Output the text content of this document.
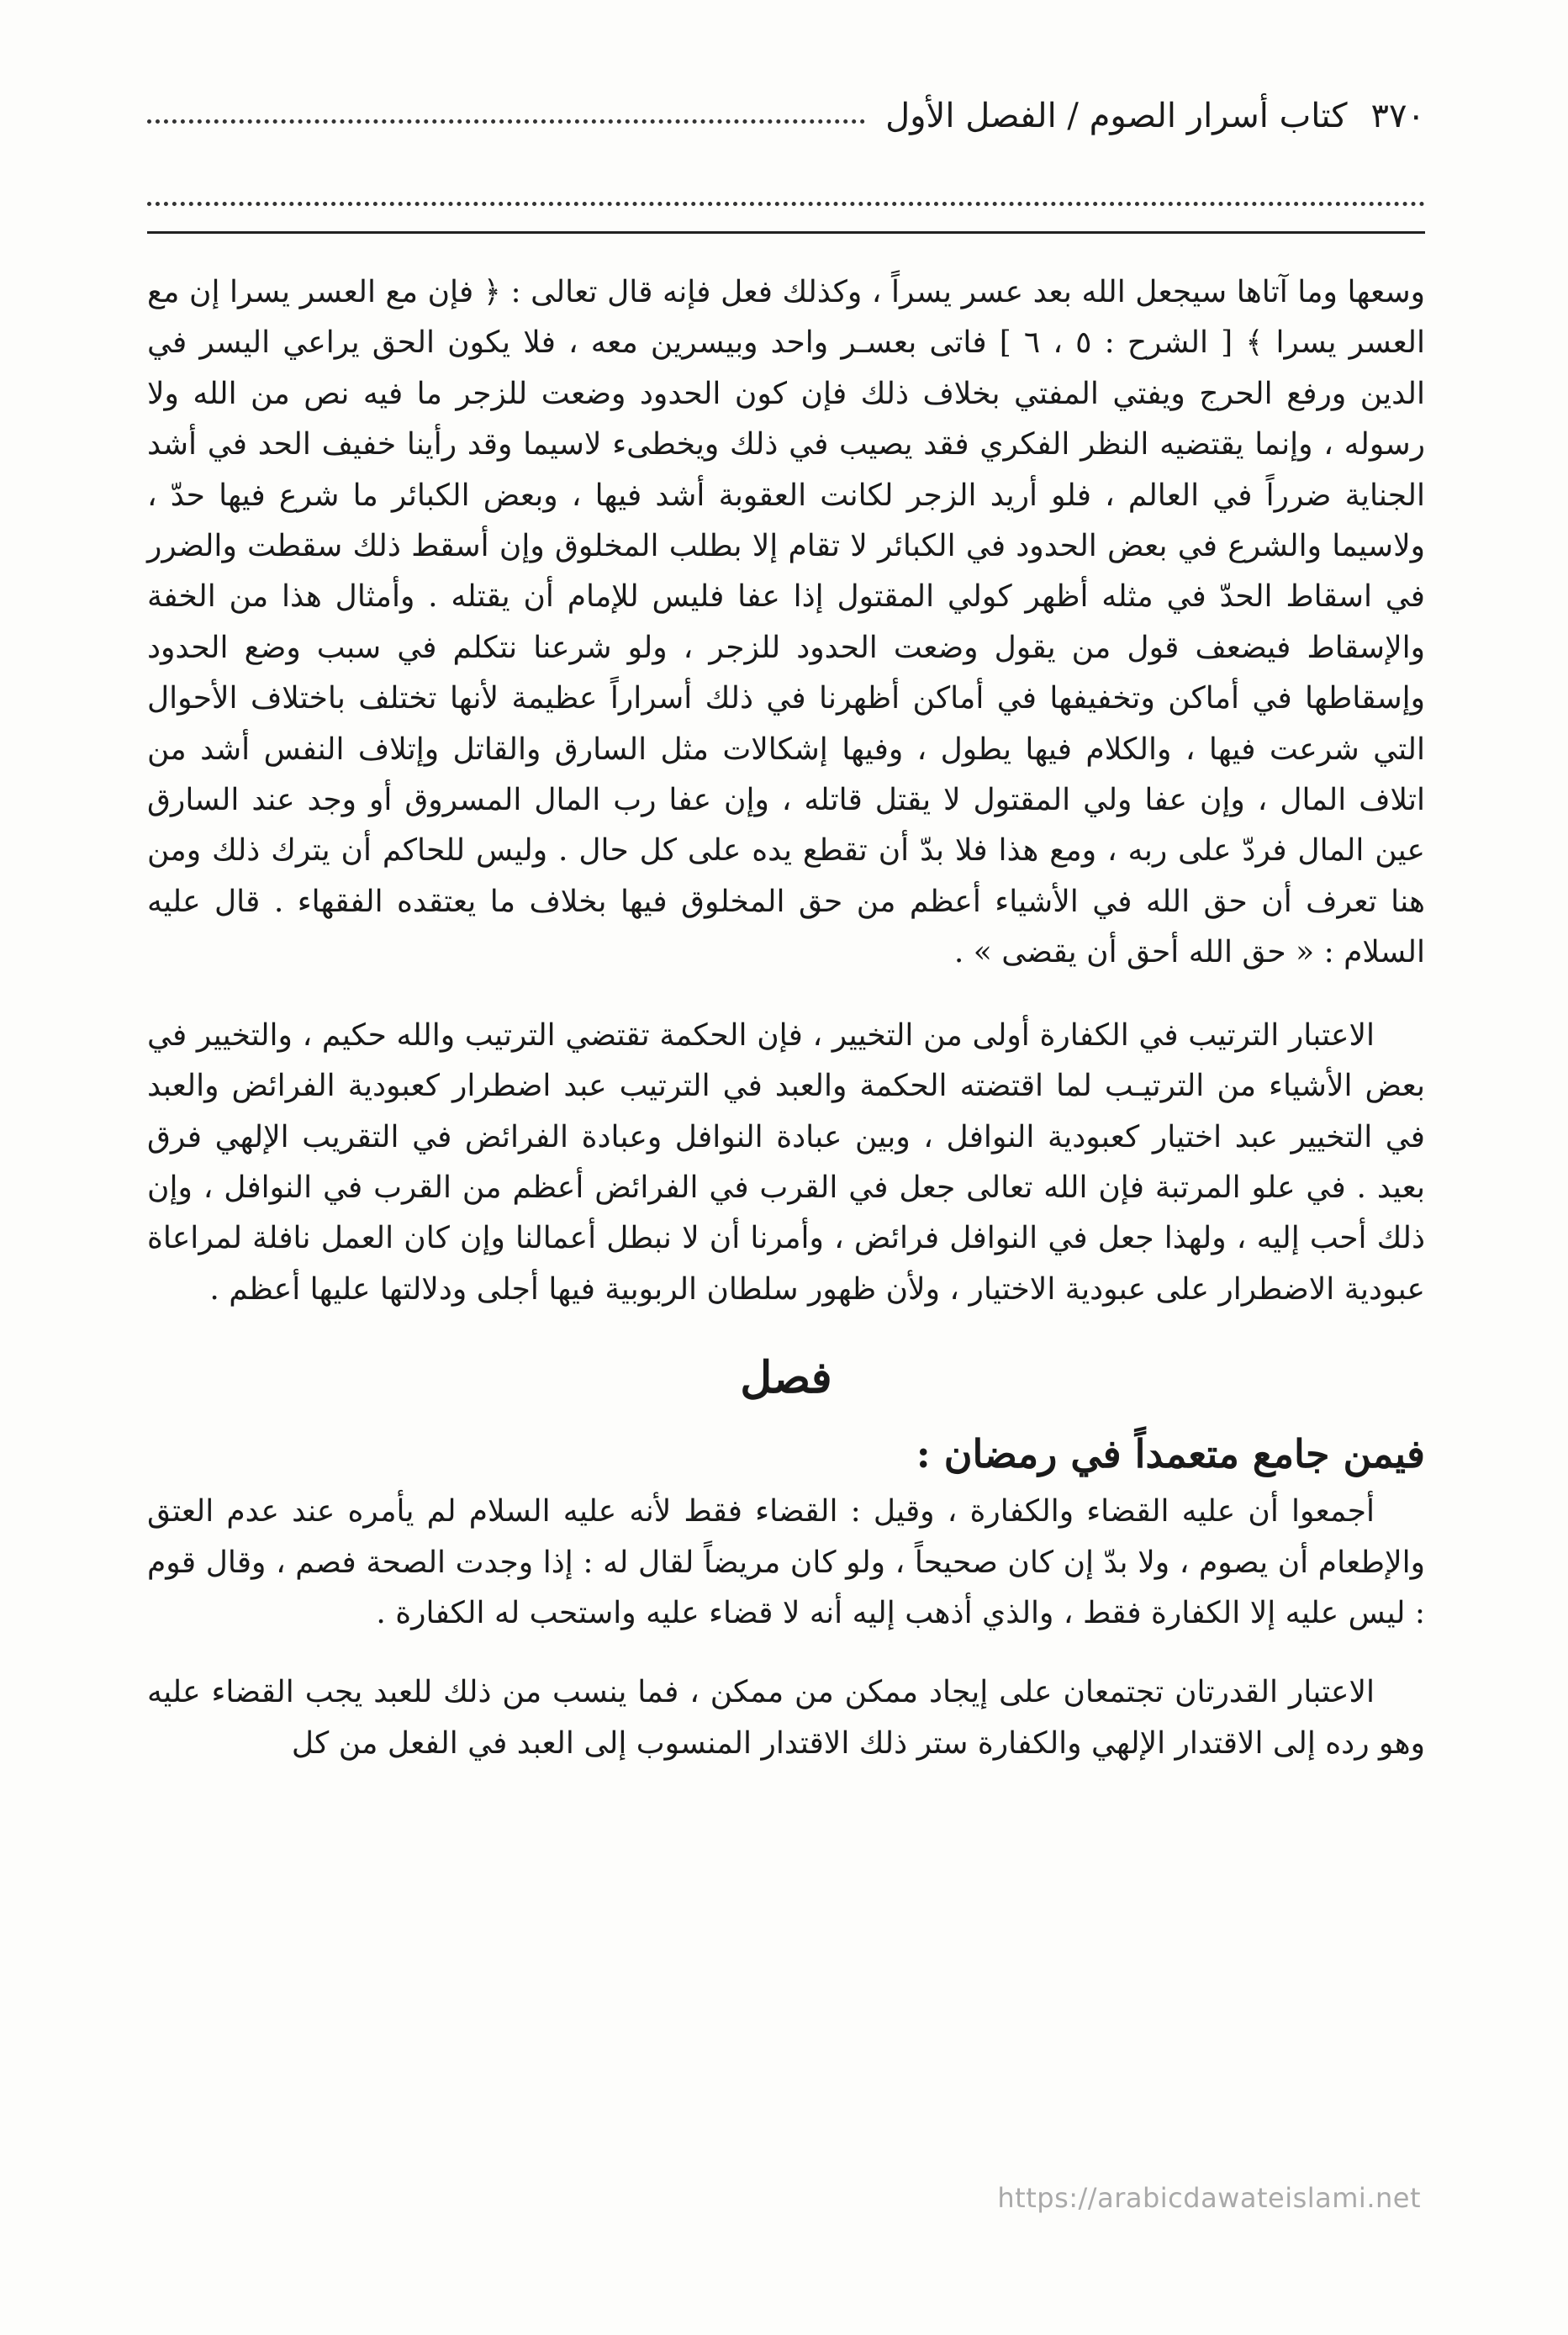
٣٧٠
كتاب أسرار الصوم / الفصل الأول

وسعها وما آتاها سيجعل الله بعد عسر يسراً ، وكذلك فعل فإنه قال تعالى : ﴿ فإن مع العسر يسرا إن مع العسر يسرا ﴾ [ الشرح : ٥ ، ٦ ] فاتى بعسـر واحد وبيسرين معه ، فلا يكون الحق يراعي اليسر في الدين ورفع الحرج ويفتي المفتي بخلاف ذلك فإن كون الحدود وضعت للزجر ما فيه نص من الله ولا رسوله ، وإنما يقتضيه النظر الفكري فقد يصيب في ذلك ويخطىء لاسيما وقد رأينا خفيف الحد في أشد الجناية ضرراً في العالم ، فلو أريد الزجر لكانت العقوبة أشد فيها ، وبعض الكبائر ما شرع فيها حدّ ، ولاسيما والشرع في بعض الحدود في الكبائر لا تقام إلا بطلب المخلوق وإن أسقط ذلك سقطت والضرر في اسقاط الحدّ في مثله أظهر كولي المقتول إذا عفا فليس للإمام أن يقتله . وأمثال هذا من الخفة والإسقاط فيضعف قول من يقول وضعت الحدود للزجر ، ولو شرعنا نتكلم في سبب وضع الحدود وإسقاطها في أماكن وتخفيفها في أماكن أظهرنا في ذلك أسراراً عظيمة لأنها تختلف باختلاف الأحوال التي شرعت فيها ، والكلام فيها يطول ، وفيها إشكالات مثل السارق والقاتل وإتلاف النفس أشد من اتلاف المال ، وإن عفا ولي المقتول لا يقتل قاتله ، وإن عفا رب المال المسروق أو وجد عند السارق عين المال فردّ على ربه ، ومع هذا فلا بدّ أن تقطع يده على كل حال . وليس للحاكم أن يترك ذلك ومن هنا تعرف أن حق الله في الأشياء أعظم من حق المخلوق فيها بخلاف ما يعتقده الفقهاء . قال عليه السلام : « حق الله أحق أن يقضى » .

الاعتبار الترتيب في الكفارة أولى من التخيير ، فإن الحكمة تقتضي الترتيب والله حكيم ، والتخيير في بعض الأشياء من الترتيـب لما اقتضته الحكمة والعبد في الترتيب عبد اضطرار كعبودية الفرائض والعبد في التخيير عبد اختيار كعبودية النوافل ، وبين عبادة النوافل وعبادة الفرائض في التقريب الإلهي فرق بعيد . في علو المرتبة فإن الله تعالى جعل في القرب في الفرائض أعظم من القرب في النوافل ، وإن ذلك أحب إليه ، ولهذا جعل في النوافل فرائض ، وأمرنا أن لا نبطل أعمالنا وإن كان العمل نافلة لمراعاة عبودية الاضطرار على عبودية الاختيار ، ولأن ظهور سلطان الربوبية فيها أجلى ودلالتها عليها أعظم .

فصل
فيمن جامع متعمداً في رمضان :

أجمعوا أن عليه القضاء والكفارة ، وقيل : القضاء فقط لأنه عليه السلام لم يأمره عند عدم العتق والإطعام أن يصوم ، ولا بدّ إن كان صحيحاً ، ولو كان مريضاً لقال له : إذا وجدت الصحة فصم ، وقال قوم : ليس عليه إلا الكفارة فقط ، والذي أذهب إليه أنه لا قضاء عليه واستحب له الكفارة .

الاعتبار القدرتان تجتمعان على إيجاد ممكن من ممكن ، فما ينسب من ذلك للعبد يجب القضاء عليه وهو رده إلى الاقتدار الإلهي والكفارة ستر ذلك الاقتدار المنسوب إلى العبد في الفعل من كل

https://arabicdawateislami.net
